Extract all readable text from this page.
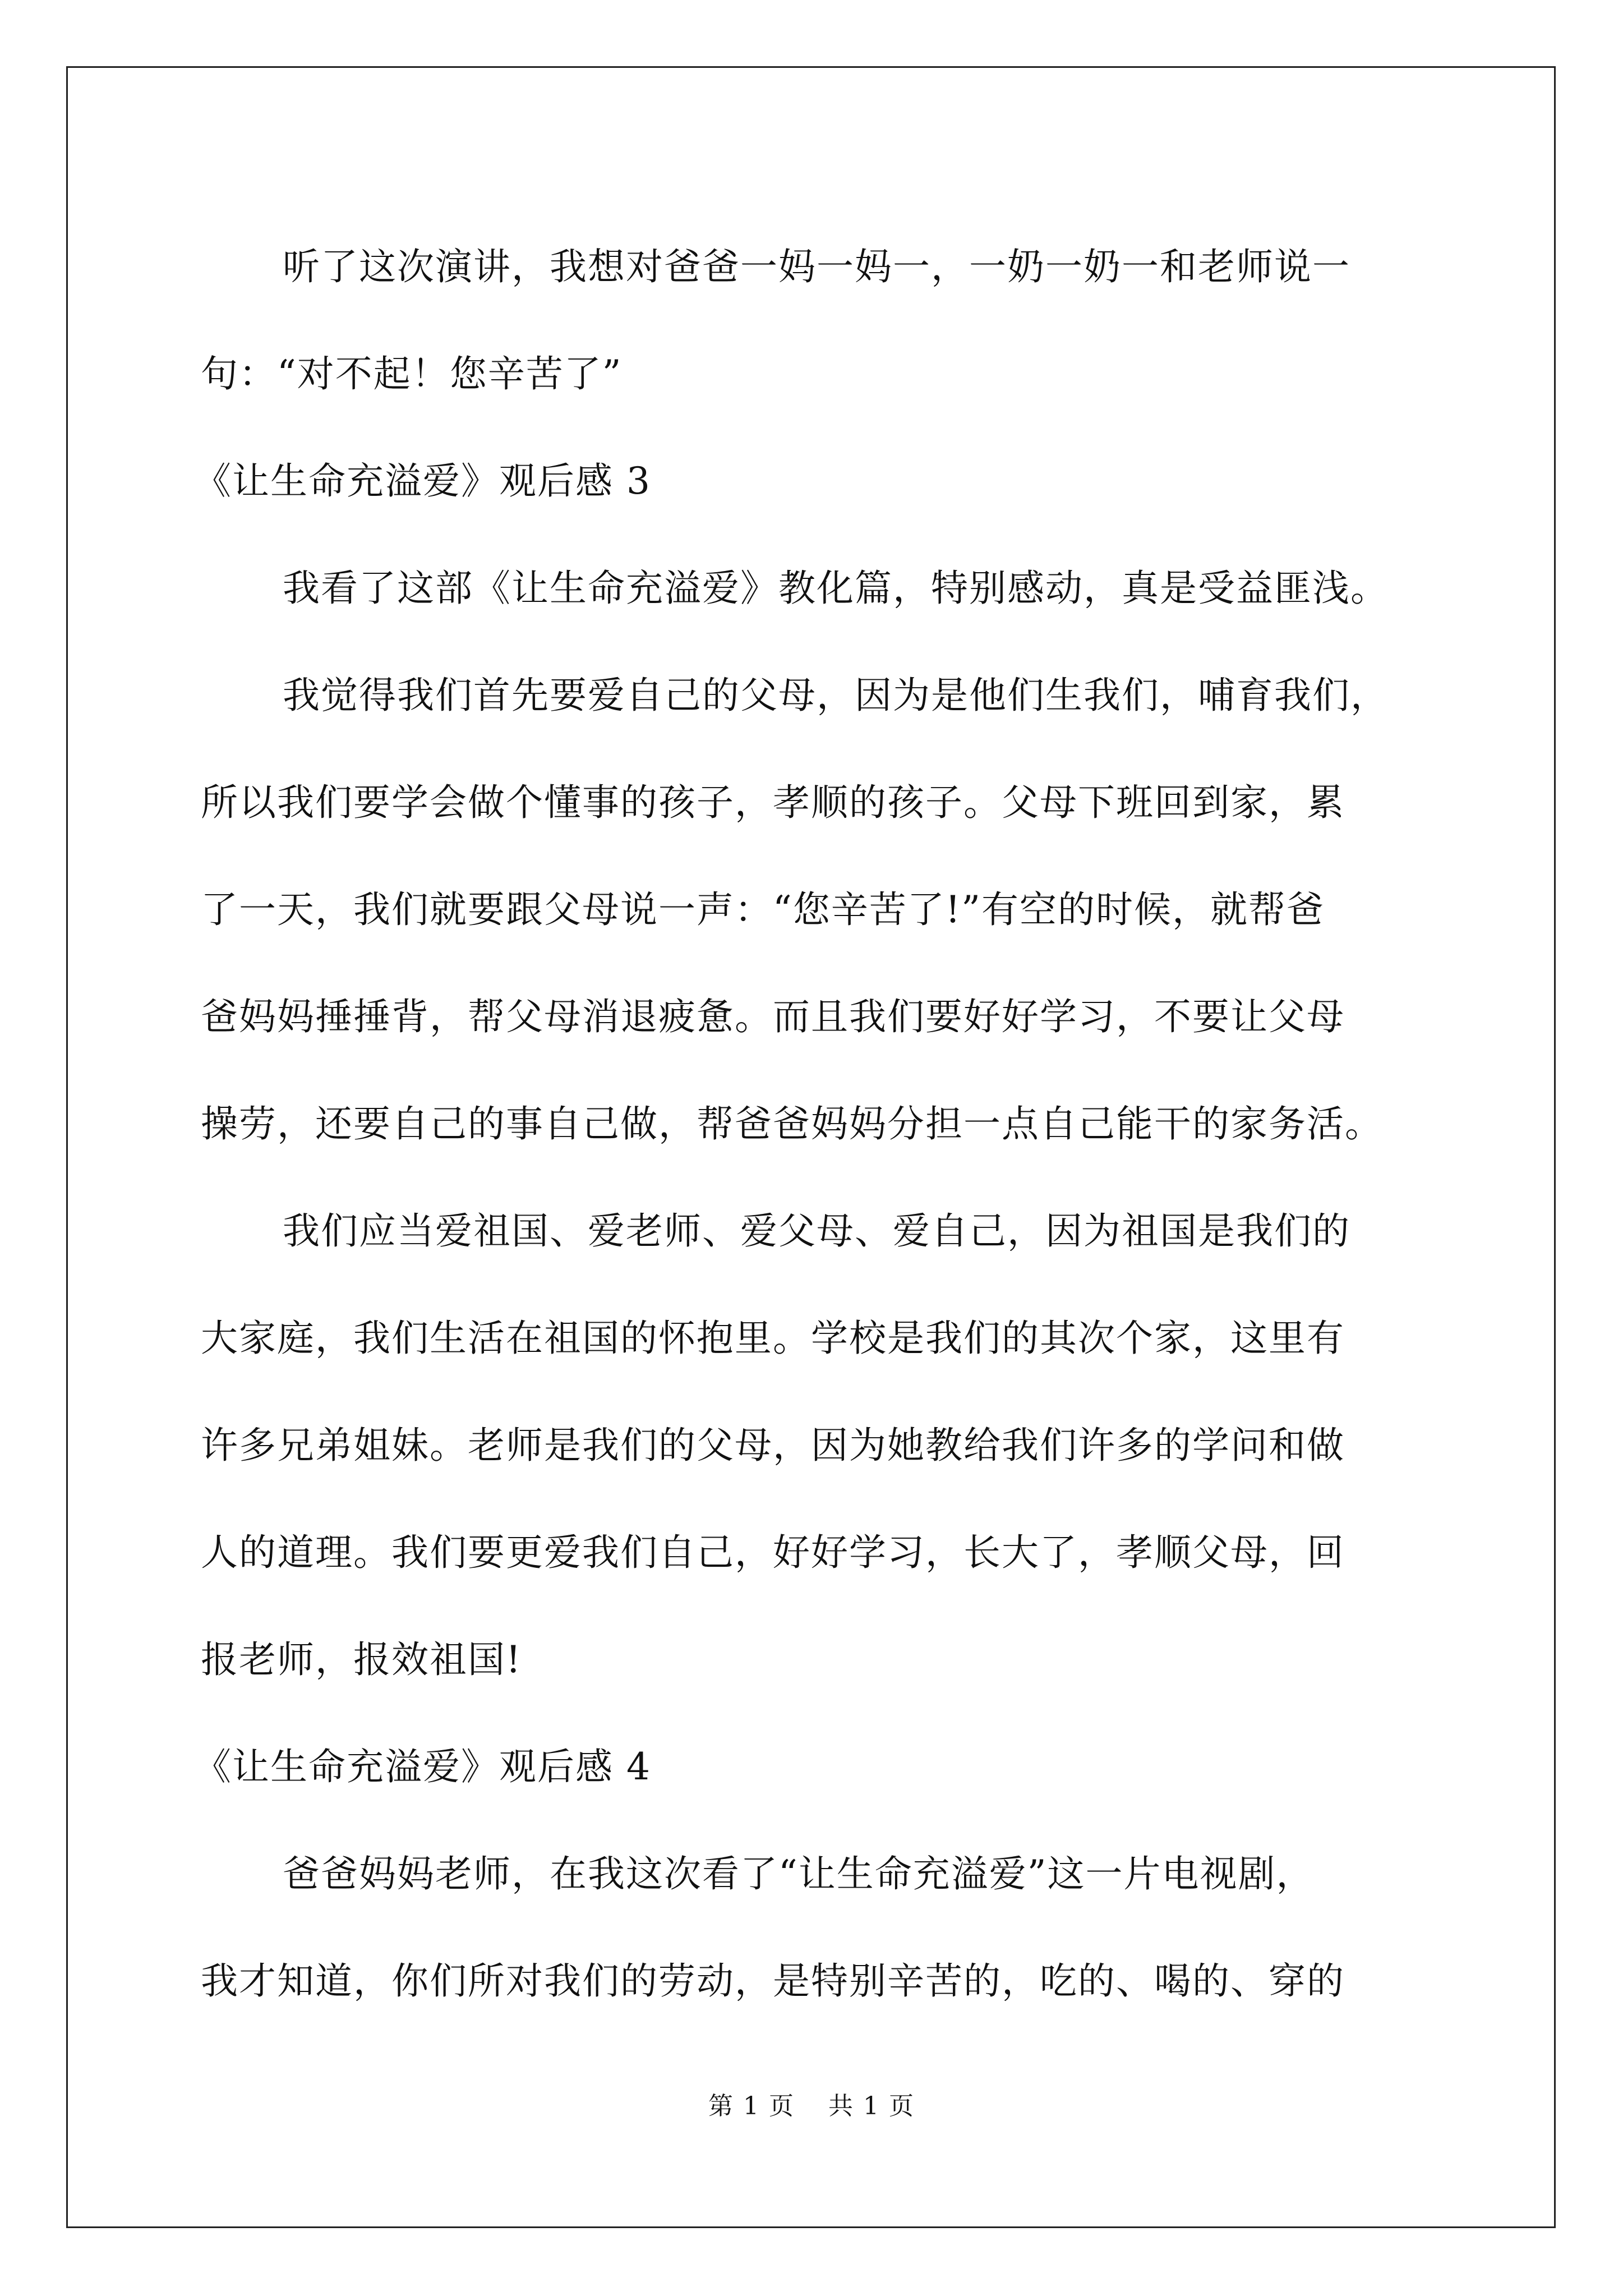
听了这次演讲，我想对爸爸一妈一妈一，一奶一奶一和老师说一
句：“对不起！您辛苦了”
《让生命充溢爱》观后感 3
我看了这部《让生命充溢爱》教化篇，特别感动，真是受益匪浅。
我觉得我们首先要爱自己的父母，因为是他们生我们，哺育我们，
所以我们要学会做个懂事的孩子，孝顺的孩子。父母下班回到家，累
了一天，我们就要跟父母说一声：“您辛苦了!”有空的时候，就帮爸
爸妈妈捶捶背，帮父母消退疲惫。而且我们要好好学习，不要让父母
操劳，还要自己的事自己做，帮爸爸妈妈分担一点自己能干的家务活。
我们应当爱祖国、爱老师、爱父母、爱自己，因为祖国是我们的
大家庭，我们生活在祖国的怀抱里。学校是我们的其次个家，这里有
许多兄弟姐妹。老师是我们的父母，因为她教给我们许多的学问和做
人的道理。我们要更爱我们自己，好好学习，长大了，孝顺父母，回
报老师，报效祖国!
《让生命充溢爱》观后感 4
爸爸妈妈老师，在我这次看了“让生命充溢爱”这一片电视剧，
我才知道，你们所对我们的劳动，是特别辛苦的，吃的、喝的、穿的
第 1 页 共 1 页
